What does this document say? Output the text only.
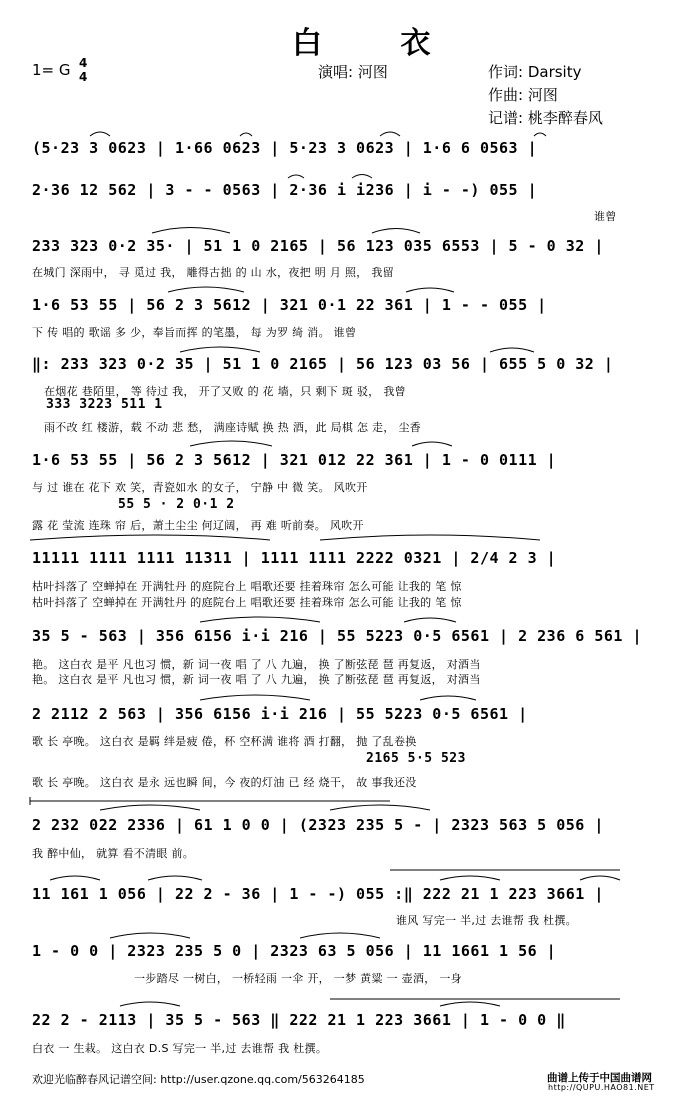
白 衣
1= G 4
4	演唱: 河图	作词: Darsity
作曲: 河图
记谱: 桃李醉春风
(5·23 3 0623 | 1·66 0623 | 5·23 3 0623 | 1·6 6 0563 |
2·36 12 562 | 3 - - 0563 | 2·36 i i236 | i - -) 055 |
谁曾
233 323 0·2 35· | 51 1 0 2165 | 56 123 035 6553 | 5 - 0 32 |
在城门 深雨中， 寻 觅过 我， 雕得古拙 的 山 水，夜把 明 月 照， 我留
1·6 53 55 | 56 2 3 5612 | 321 0·1 22 361 | 1 - - 055 |
下 传 唱的 歌谣 多 少，奉旨而挥 的笔墨， 每 为罗 绮 消。 谁曾
‖: 233 323 0·2 35 | 51 1 0 2165 | 56 123 03 56 | 655 5 0 32 |
在烟花 巷陌里， 等 待过 我， 开了又败 的 花 墙，只 剩下 斑 驳， 我曾
333 3223 511 1
雨不改 红 楼游，载 不动 悲 愁， 满座诗赋 换 热 酒，此 局棋 怎 走， 尘香
1·6 53 55 | 56 2 3 5612 | 321 012 22 361 | 1 - 0 0111 |
与 过 谁在 花下 欢 笑，青瓷如水 的女子， 宁静 中 微 笑。 风吹开
55 5 · 2 0·1 2
露 花 莹流 连珠 帘 后，萧土尘尘 何辽阔， 再 难 听前奏。 风吹开
11111 1111 1111 11311 | 1111 1111 2222 0321 | 2/4 2 3 |
枯叶抖落了 空蝉掉在 开满牡丹 的庭院台上 唱歌还要 挂着珠帘 怎么可能 让我的 笔 惊
枯叶抖落了 空蝉掉在 开满牡丹 的庭院台上 唱歌还要 挂着珠帘 怎么可能 让我的 笔 惊
35 5 - 563 | 356 6156 i·i 216 | 55 5223 0·5 6561 | 2 236 6 561 |
艳。 这白衣 是平 凡也习 惯，新 词一夜 唱 了 八 九遍， 换 了断弦琵 琶 再复返， 对酒当
艳。 这白衣 是平 凡也习 惯，新 词一夜 唱 了 八 九遍， 换 了断弦琵 琶 再复返， 对酒当
2 2112 2 563 | 356 6156 i·i 216 | 55 5223 0·5 6561 |
歌 长 亭晚。 这白衣 是羁 绊是疲 倦，杯 空杯满 谁将 酒 打翻， 抛 了乱卷换
2165 5·5 523
歌 长 亭晚。 这白衣 是永 远也瞬 间，今 夜的灯油 已 经 烧干， 故 事我还没
2 232 022 2336 | 61 1 0 0 | (2323 235 5 - | 2323 563 5 056 |
我 醉中仙， 就算 看不清眼 前。
11 161 1 056 | 22 2 - 36 | 1 - -) 055 :‖ 222 21 1 223 3661 |
谁风 写完一 半,过 去谁帮 我 杜撰。
1 - 0 0 | 2323 235 5 0 | 2323 63 5 056 | 11 1661 1 56 |
一步踏尽 一树白， 一桥轻雨 一伞 开， 一梦 黄粱 一 壶酒， 一身
22 2 - 2113 | 35 5 - 563 ‖ 222 21 1 223 3661 | 1 - 0 0 ‖
白衣 一 生栽。 这白衣 D.S 写完一 半,过 去谁帮 我 杜撰。
欢迎光临醉春风记谱空间: http://user.qzone.qq.com/563264185	曲谱上传于中国曲谱网
http://QUPU.HAO81.NET
